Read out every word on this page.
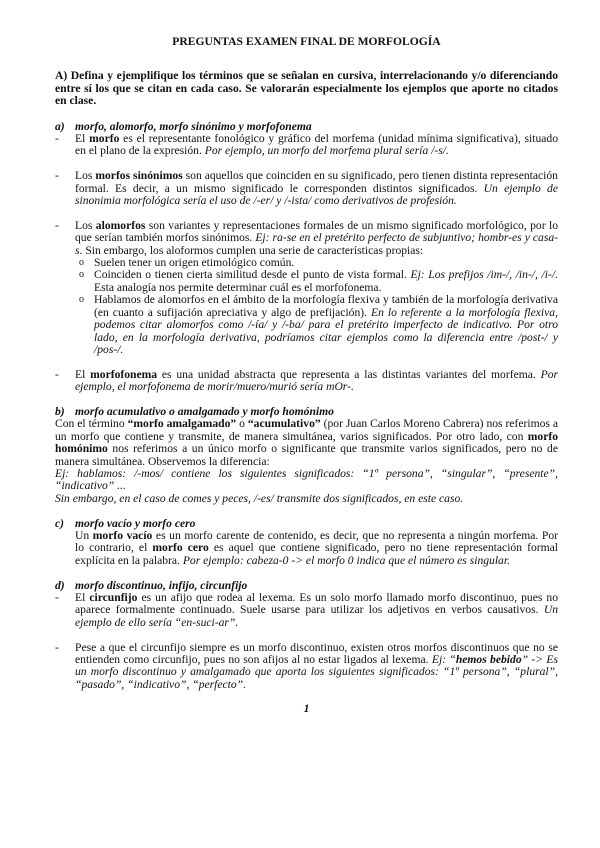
PREGUNTAS EXAMEN FINAL DE MORFOLOGÍA
A) Defina y ejemplifique los términos que se señalan en cursiva, interrelacionando y/o diferenciando entre sí los que se citan en cada caso. Se valorarán especialmente los ejemplos que aporte no citados en clase.
a) morfo, alomorfo, morfo sinónimo y morfofonema
- El morfo es el representante fonológico y gráfico del morfema (unidad mínima significativa), situado en el plano de la expresión. Por ejemplo, un morfo del morfema plural sería /-s/.
- Los morfos sinónimos son aquellos que coinciden en su significado, pero tienen distinta representación formal. Es decir, a un mismo significado le corresponden distintos significados. Un ejemplo de sinonimia morfológica sería el uso de /-er/ y /-ista/ como derivativos de profesión.
- Los alomorfos son variantes y representaciones formales de un mismo significado morfológico, por lo que serían también morfos sinónimos. Ej: ra-se en el pretérito perfecto de subjuntivo; hombr-es y casa-s. Sin embargo, los aloformos cumplen una serie de características propias:
o Suelen tener un origen etimológico común.
o Coinciden o tienen cierta similitud desde el punto de vista formal. Ej: Los prefijos /im-/, /in-/, /i-/. Esta analogía nos permite determinar cuál es el morfofonema.
o Hablamos de alomorfos en el ámbito de la morfología flexiva y también de la morfología derivativa (en cuanto a sufijación apreciativa y algo de prefijación). En lo referente a la morfología flexiva, podemos citar alomorfos como /-ía/ y /-ba/ para el pretérito imperfecto de indicativo. Por otro lado, en la morfología derivativa, podríamos citar ejemplos como la diferencia entre /post-/ y /pos-/.
- El morfofonema es una unidad abstracta que representa a las distintas variantes del morfema. Por ejemplo, el morfofonema de morir/muero/murió sería mOr-.
b) morfo acumulativo o amalgamado y morfo homónimo
Con el término “morfo amalgamado” o “acumulativo” (por Juan Carlos Moreno Cabrera) nos referimos a un morfo que contiene y transmite, de manera simultánea, varios significados. Por otro lado, con morfo homónimo nos referimos a un único morfo o significante que transmite varios significados, pero no de manera simultánea. Observemos la diferencia:
Ej: hablamos: /-mos/ contiene los siguientes significados: “1º persona”, “singular”, “presente”, “indicativo” ...
Sin embargo, en el caso de comes y peces, /-es/ transmite dos significados, en este caso.
c) morfo vacío y morfo cero
Un morfo vacío es un morfo carente de contenido, es decir, que no representa a ningún morfema. Por lo contrario, el morfo cero es aquel que contiene significado, pero no tiene representación formal explícita en la palabra. Por ejemplo: cabeza-0 -> el morfo 0 indica que el número es singular.
d) morfo discontinuo, infijo, circunfijo
- El circunfijo es un afijo que rodea al lexema. Es un solo morfo llamado morfo discontinuo, pues no aparece formalmente continuado. Suele usarse para utilizar los adjetivos en verbos causativos. Un ejemplo de ello sería “en-suci-ar”.
- Pese a que el circunfijo siempre es un morfo discontinuo, existen otros morfos discontinuos que no se entienden como circunfijo, pues no son afijos al no estar ligados al lexema. Ej: “hemos bebido” -> Es un morfo discontinuo y amalgamado que aporta los siguientes significados: “1º persona”, “plural”, “pasado”, “indicativo”, “perfecto”.
1
